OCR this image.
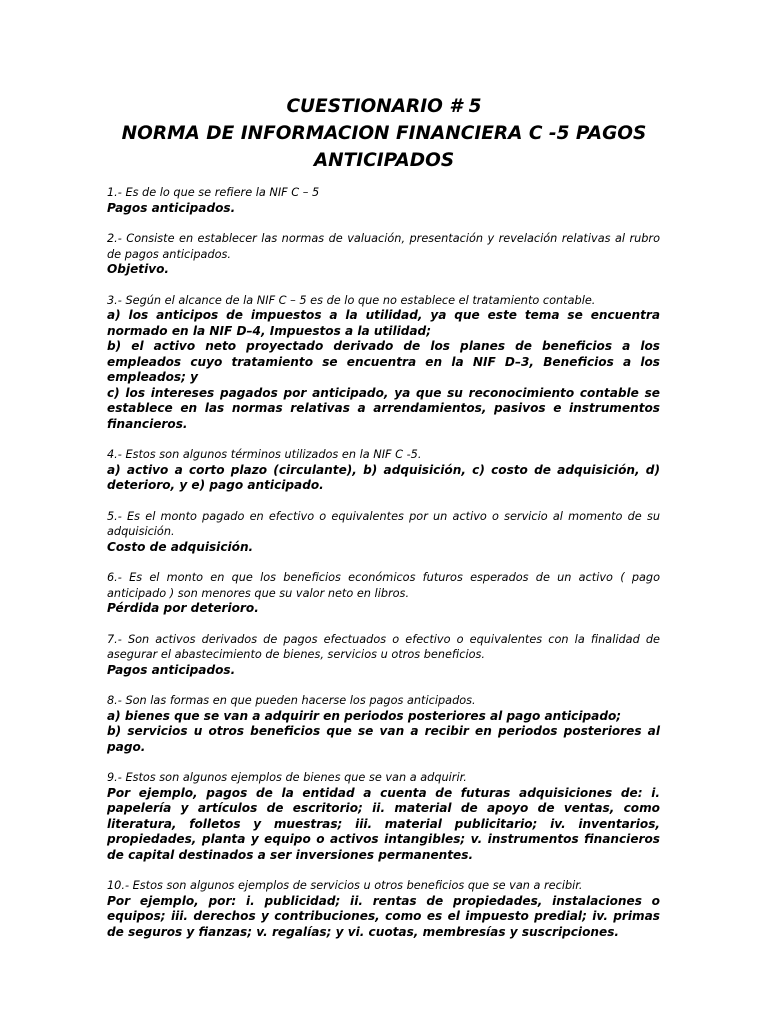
CUESTIONARIO # 5
NORMA DE INFORMACION FINANCIERA C -5 PAGOS
ANTICIPADOS

1.- Es de lo que se refiere la NIF C – 5

Pagos anticipados.

2.- Consiste en establecer las normas de valuación, presentación y revelación relativas al rubro de pagos anticipados.

Objetivo.

3.- Según el alcance de la NIF C – 5 es de lo que no establece el tratamiento contable.

a) los anticipos de impuestos a la utilidad, ya que este tema se encuentra normado en la NIF D–4, Impuestos a la utilidad;

b) el activo neto proyectado derivado de los planes de beneficios a los empleados cuyo tratamiento se encuentra en la NIF D–3, Beneficios a los empleados; y

c) los intereses pagados por anticipado, ya que su reconocimiento contable se establece en las normas relativas a arrendamientos, pasivos e instrumentos financieros.

4.- Estos son algunos términos utilizados en la NIF C -5.

a) activo a corto plazo (circulante), b) adquisición, c) costo de adquisición, d) deterioro, y e) pago anticipado.

5.- Es el monto pagado en efectivo o equivalentes por un activo o servicio al momento de su adquisición.

Costo de adquisición.

6.- Es el monto en que los beneficios económicos futuros esperados de un activo ( pago anticipado ) son menores que su valor neto en libros.

Pérdida por deterioro.

7.- Son activos derivados de pagos efectuados o efectivo o equivalentes con la finalidad de asegurar el abastecimiento de bienes, servicios u otros beneficios.

Pagos anticipados.

8.- Son las formas en que pueden hacerse los pagos anticipados.

a) bienes que se van a adquirir en periodos posteriores al pago anticipado;

b) servicios u otros beneficios que se van a recibir en periodos posteriores al pago.

9.- Estos son algunos ejemplos de bienes que se van a adquirir.

Por ejemplo, pagos de la entidad a cuenta de futuras adquisiciones de: i. papelería y artículos de escritorio; ii. material de apoyo de ventas, como literatura, folletos y muestras; iii. material publicitario; iv. inventarios, propiedades, planta y equipo o activos intangibles; v. instrumentos financieros de capital destinados a ser inversiones permanentes.

10.- Estos son algunos ejemplos de servicios u otros beneficios que se van a recibir.

Por ejemplo, por: i. publicidad; ii. rentas de propiedades, instalaciones o equipos; iii. derechos y contribuciones, como es el impuesto predial; iv. primas de seguros y fianzas; v. regalías; y vi. cuotas, membresías y suscripciones.
